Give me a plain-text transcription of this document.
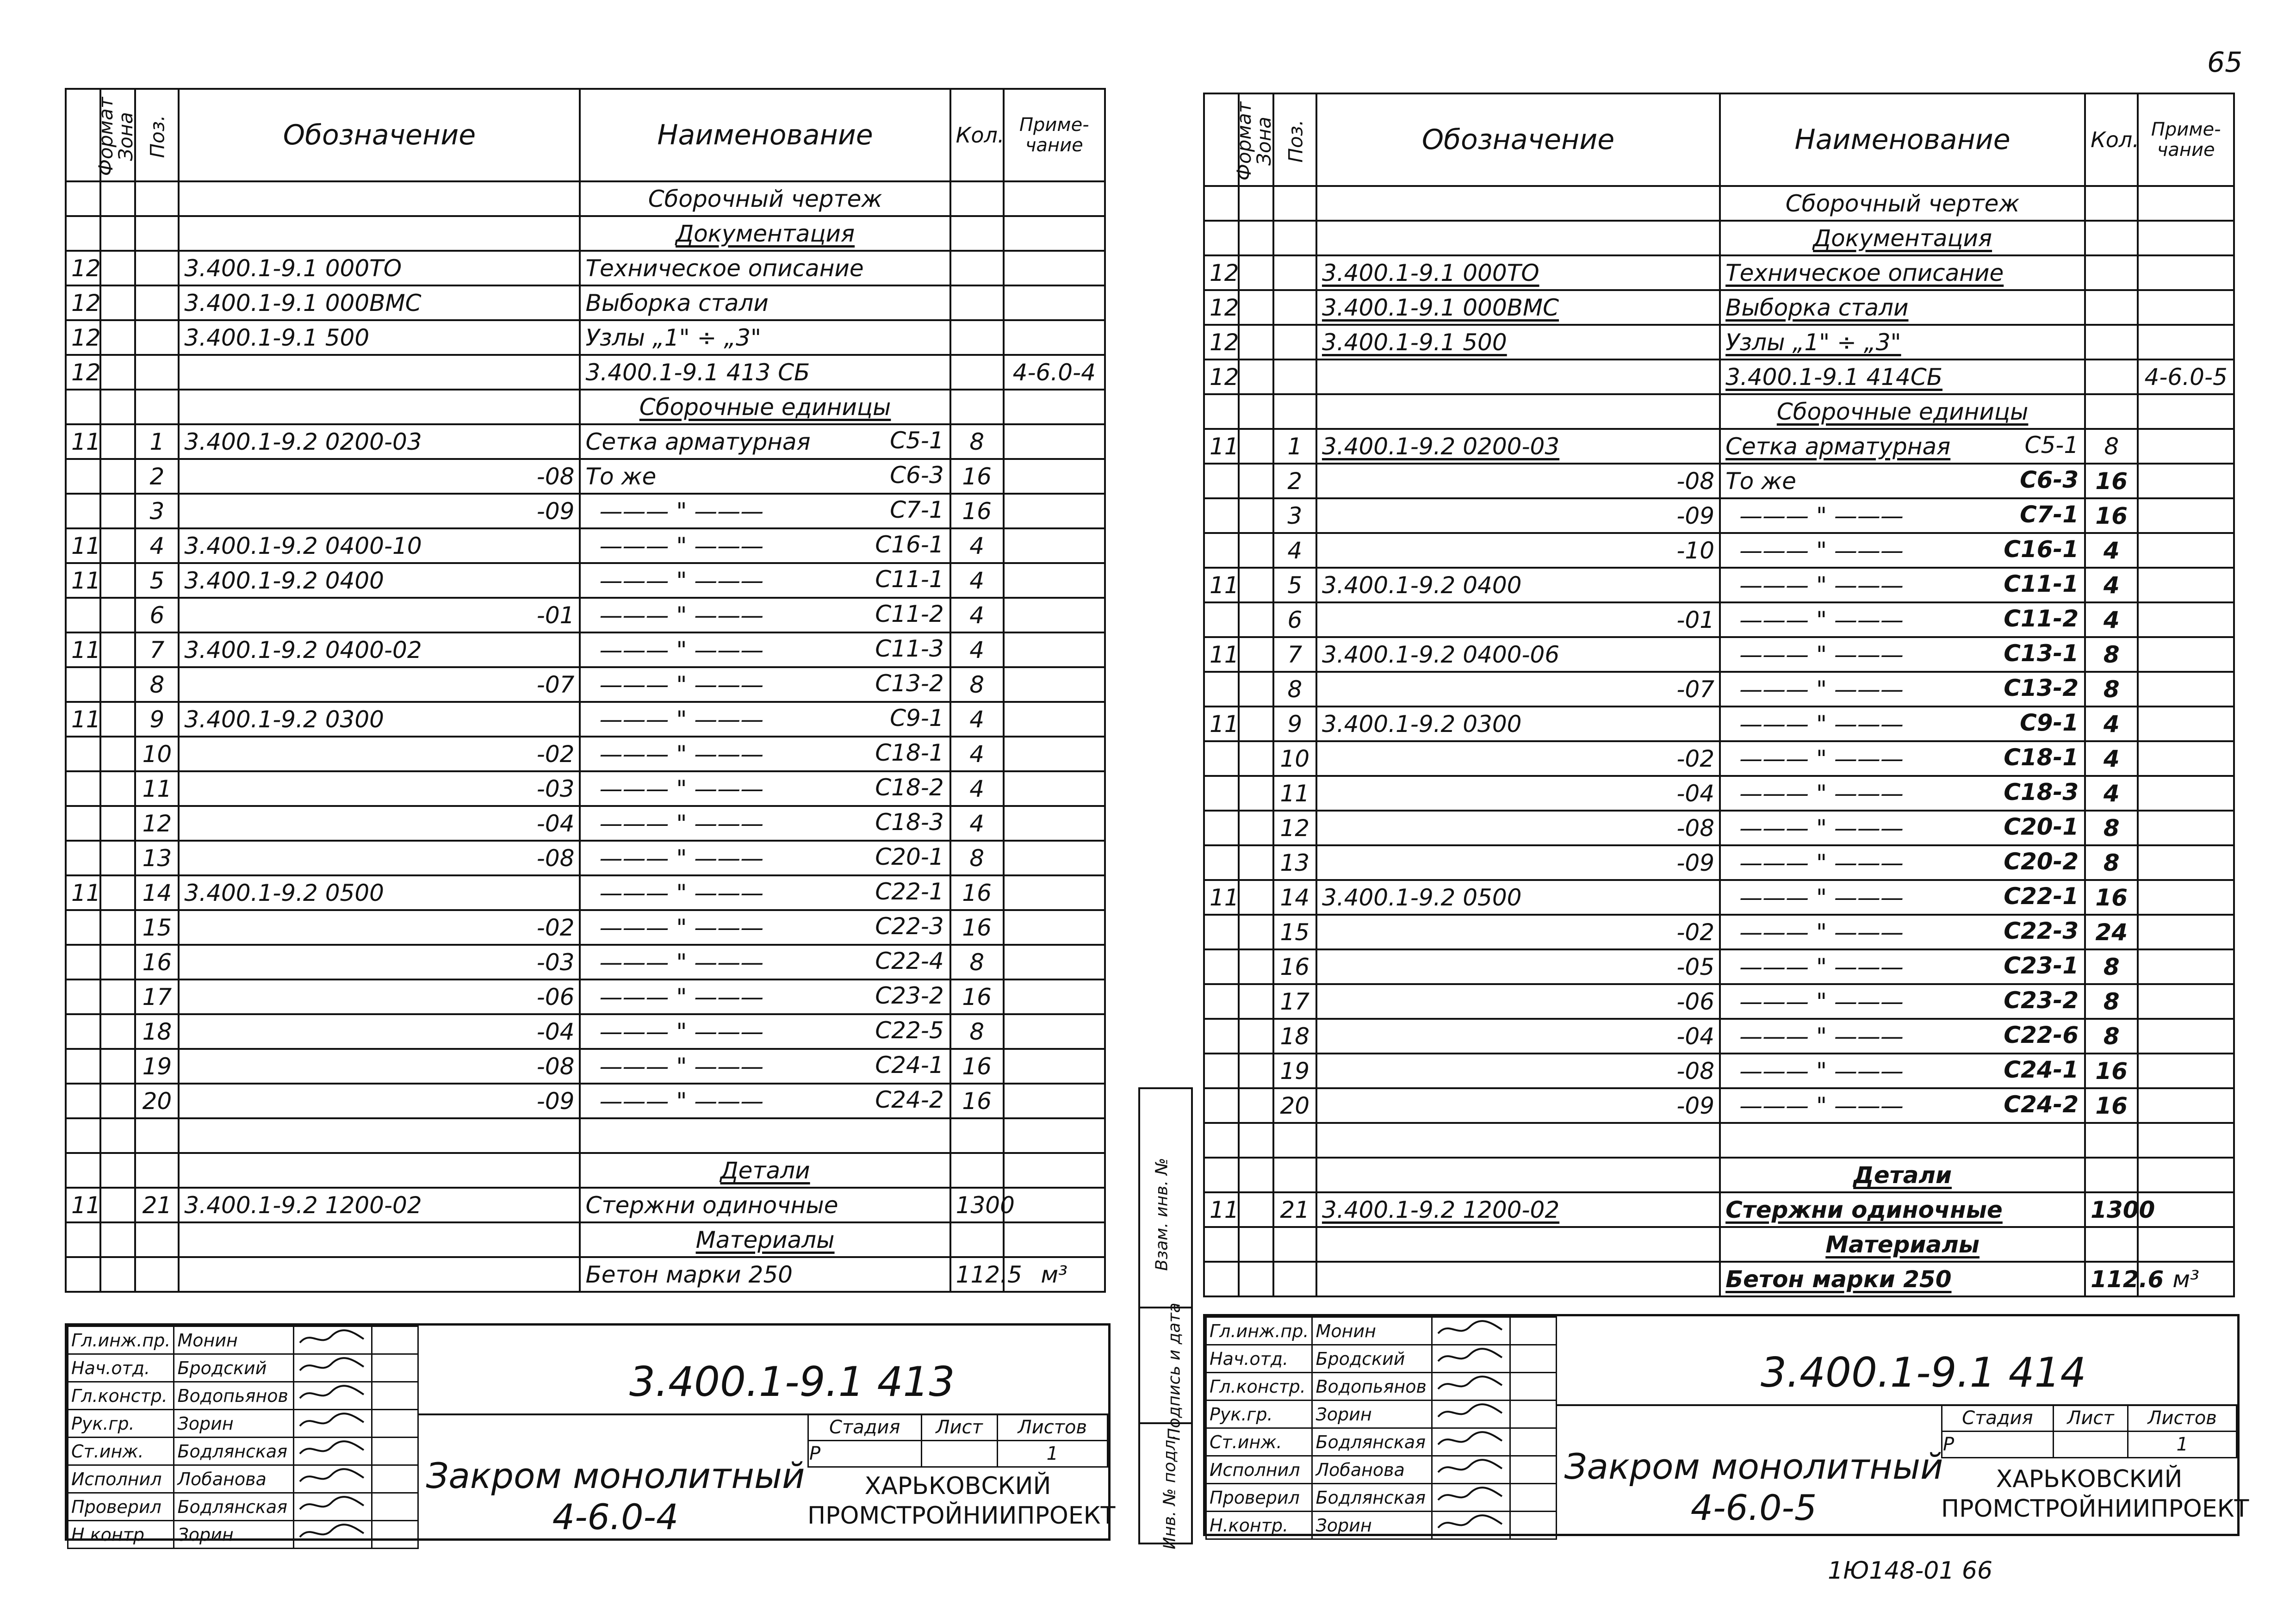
65
1Ю148-01 66
Формат	Зона	Поз.	Обозначение	Наименование	Кол.	Приме-чание
				Сборочный чертеж		
				Документация		
12			3.400.1-9.1 000ТО	Техническое описание		
12			3.400.1-9.1 000ВМС	Выборка стали		
12			3.400.1-9.1 500	Узлы „1" ÷ „3"		
12				3.400.1-9.1 413 СБ		4-6.0-4
				Сборочные единицы		
11		1	3.400.1-9.2 0200-03	Сетка арматурная С5-1	8	
		2	-08	То же С6-3	16	
		3	-09	——— " ——— С7-1	16	
11		4	3.400.1-9.2 0400-10	——— " ——— С16-1	4	
11		5	3.400.1-9.2 0400	——— " ——— С11-1	4	
		6	-01	——— " ——— С11-2	4	
11		7	3.400.1-9.2 0400-02	——— " ——— С11-3	4	
		8	-07	——— " ——— С13-2	8	
11		9	3.400.1-9.2 0300	——— " ——— С9-1	4	
		10	-02	——— " ——— С18-1	4	
		11	-03	——— " ——— С18-2	4	
		12	-04	——— " ——— С18-3	4	
		13	-08	——— " ——— С20-1	8	
11		14	3.400.1-9.2 0500	——— " ——— С22-1	16	
		15	-02	——— " ——— С22-3	16	
		16	-03	——— " ——— С22-4	8	
		17	-06	——— " ——— С23-2	16	
		18	-04	——— " ——— С22-5	8	
		19	-08	——— " ——— С24-1	16	
		20	-09	——— " ——— С24-2	16	

				Детали		
11		21	3.400.1-9.2 1200-02	Стержни одиночные	1300	
				Материалы		
				Бетон марки 250	112.5	м³
Гл.инж.пр.	Монин		
Нач.отд.	Бродский		
Гл.констр.	Водопьянов		
Рук.гр.	Зорин		
Ст.инж.	Бодлянская		
Исполнил	Лобанова		
Проверил	Бодлянская		
Н.контр.	Зорин		
3.400.1-9.1 413
Закром монолитный
4-6.0-4
Стадия	Лист	Листов
Р		1
ХАРЬКОВСКИЙ
ПРОМСТРОЙНИИПРОЕКТ	Инв. № подл.
Подпись и дата
Взам. инв. №
Формат	Зона	Поз.	Обозначение	Наименование	Кол.	Приме-чание
				Сборочный чертеж		
				Документация		
12			3.400.1-9.1 000ТО	Техническое описание		
12			3.400.1-9.1 000ВМС	Выборка стали		
12			3.400.1-9.1 500	Узлы „1" ÷ „3"		
12				3.400.1-9.1 414СБ		4-6.0-5
				Сборочные единицы		
11		1	3.400.1-9.2 0200-03	Сетка арматурная С5-1	8	
		2	-08	То же С6-3	16	
		3	-09	——— " ——— С7-1	16	
		4	-10	——— " ——— С16-1	4	
11		5	3.400.1-9.2 0400	——— " ——— С11-1	4	
		6	-01	——— " ——— С11-2	4	
11		7	3.400.1-9.2 0400-06	——— " ——— С13-1	8	
		8	-07	——— " ——— С13-2	8	
11		9	3.400.1-9.2 0300	——— " ——— С9-1	4	
		10	-02	——— " ——— С18-1	4	
		11	-04	——— " ——— С18-3	4	
		12	-08	——— " ——— С20-1	8	
		13	-09	——— " ——— С20-2	8	
11		14	3.400.1-9.2 0500	——— " ——— С22-1	16	
		15	-02	——— " ——— С22-3	24	
		16	-05	——— " ——— С23-1	8	
		17	-06	——— " ——— С23-2	8	
		18	-04	——— " ——— С22-6	8	
		19	-08	——— " ——— С24-1	16	
		20	-09	——— " ——— С24-2	16	

				Детали		
11		21	3.400.1-9.2 1200-02	Стержни одиночные	1300	
				Материалы		
				Бетон марки 250	112.6	м³
Гл.инж.пр.	Монин		
Нач.отд.	Бродский		
Гл.констр.	Водопьянов		
Рук.гр.	Зорин		
Ст.инж.	Бодлянская		
Исполнил	Лобанова		
Проверил	Бодлянская		
Н.контр.	Зорин		
3.400.1-9.1 414
Закром монолитный
4-6.0-5
Стадия	Лист	Листов
Р		1
ХАРЬКОВСКИЙ
ПРОМСТРОЙНИИПРОЕКТ
